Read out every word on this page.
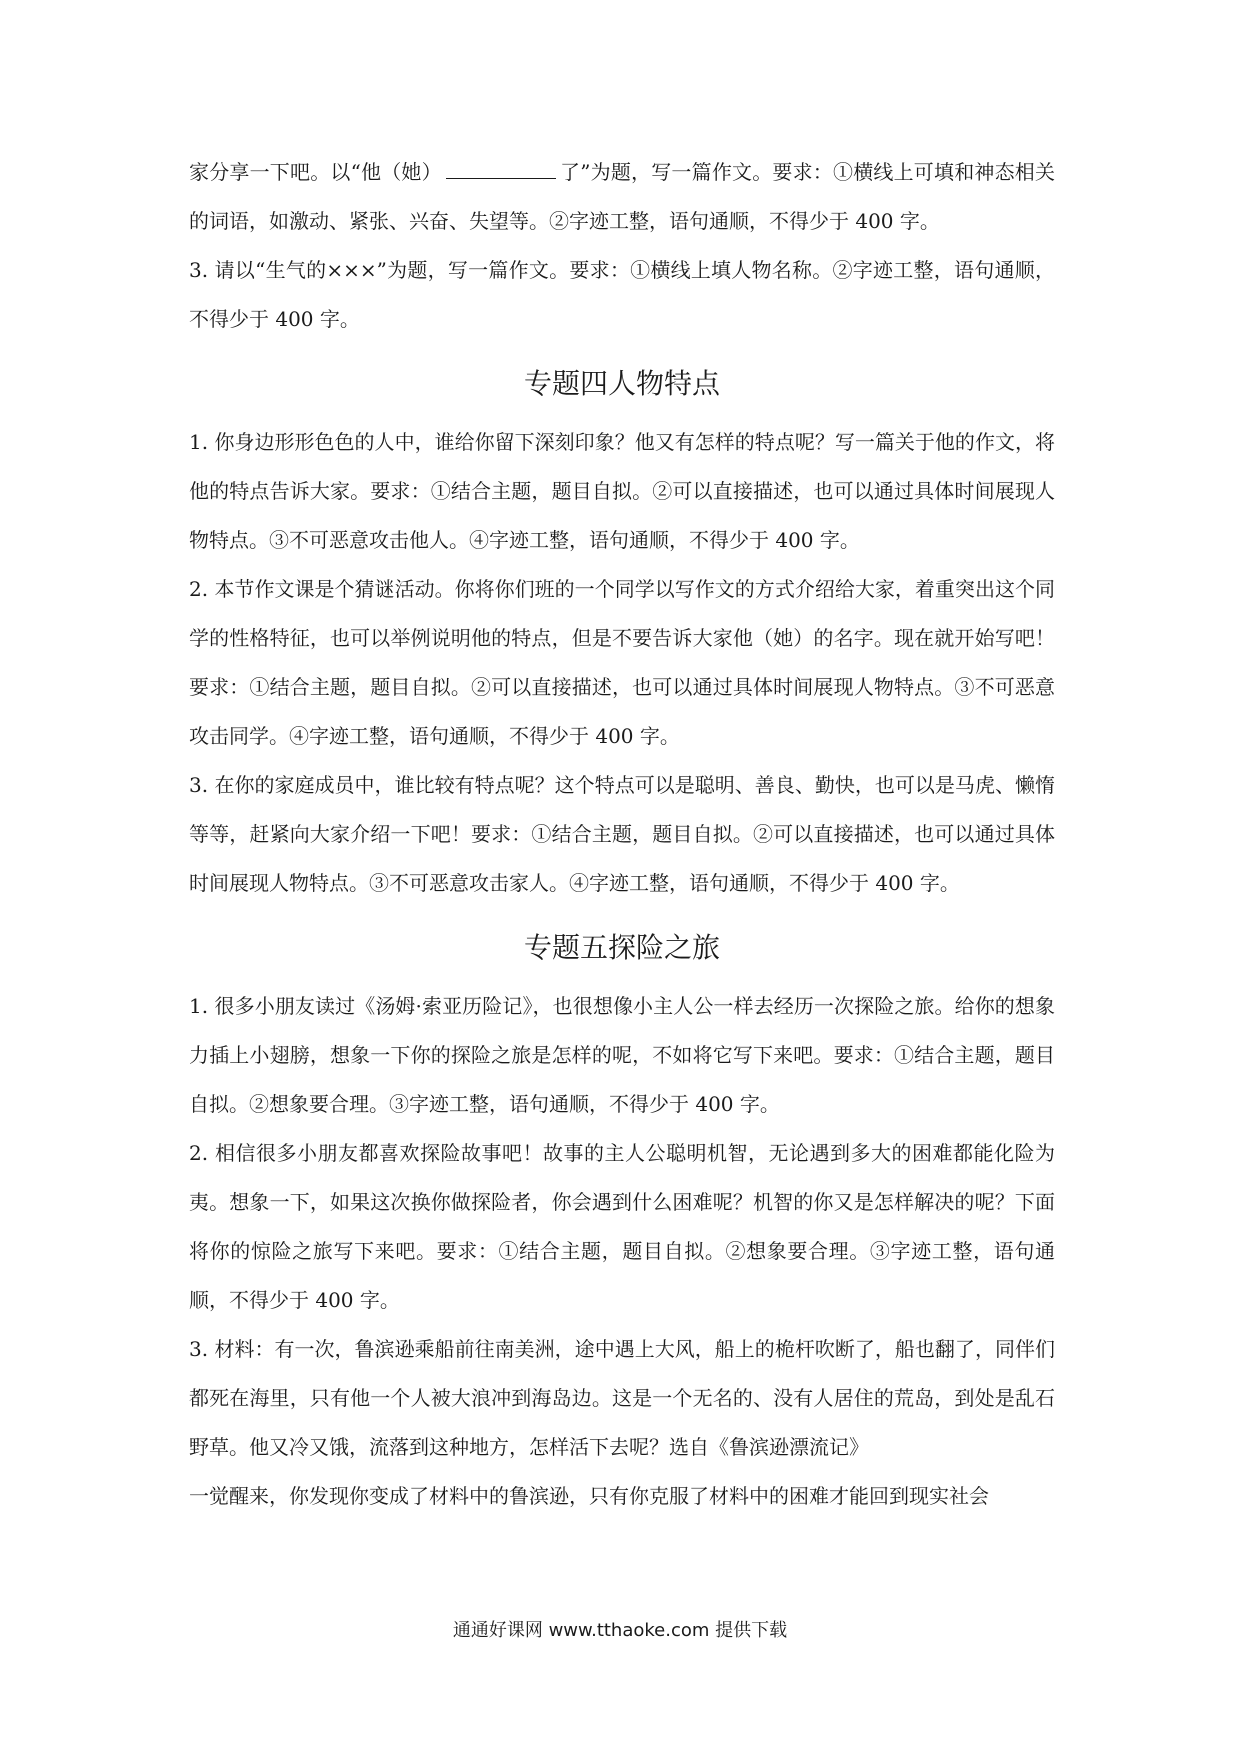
家分享一下吧。以“他（她）	了”为题，写一篇作文。要求：①横线上可填和神态相关的词语，如激动、紧张、兴奋、失望等。②字迹工整，语句通顺，不得少于 400 字。

3. 请以“生气的×××”为题，写一篇作文。要求：①横线上填人物名称。②字迹工整，语句通顺，不得少于 400 字。

专题四人物特点

1. 你身边形形色色的人中，谁给你留下深刻印象？他又有怎样的特点呢？写一篇关于他的作文，将他的特点告诉大家。要求：①结合主题，题目自拟。②可以直接描述，也可以通过具体时间展现人物特点。③不可恶意攻击他人。④字迹工整，语句通顺，不得少于 400 字。

2. 本节作文课是个猜谜活动。你将你们班的一个同学以写作文的方式介绍给大家，着重突出这个同学的性格特征，也可以举例说明他的特点，但是不要告诉大家他（她）的名字。现在就开始写吧！要求：①结合主题，题目自拟。②可以直接描述，也可以通过具体时间展现人物特点。③不可恶意攻击同学。④字迹工整，语句通顺，不得少于 400 字。

3. 在你的家庭成员中，谁比较有特点呢？这个特点可以是聪明、善良、勤快，也可以是马虎、懒惰等等，赶紧向大家介绍一下吧！要求：①结合主题，题目自拟。②可以直接描述，也可以通过具体时间展现人物特点。③不可恶意攻击家人。④字迹工整，语句通顺，不得少于 400 字。

专题五探险之旅

1. 很多小朋友读过《汤姆·索亚历险记》，也很想像小主人公一样去经历一次探险之旅。给你的想象力插上小翅膀，想象一下你的探险之旅是怎样的呢，不如将它写下来吧。要求：①结合主题，题目自拟。②想象要合理。③字迹工整，语句通顺，不得少于 400 字。

2. 相信很多小朋友都喜欢探险故事吧！故事的主人公聪明机智，无论遇到多大的困难都能化险为夷。想象一下，如果这次换你做探险者，你会遇到什么困难呢？机智的你又是怎样解决的呢？下面将你的惊险之旅写下来吧。要求：①结合主题，题目自拟。②想象要合理。③字迹工整，语句通顺，不得少于 400 字。

3. 材料：有一次，鲁滨逊乘船前往南美洲，途中遇上大风，船上的桅杆吹断了，船也翻了，同伴们都死在海里，只有他一个人被大浪冲到海岛边。这是一个无名的、没有人居住的荒岛，到处是乱石野草。他又冷又饿，流落到这种地方，怎样活下去呢？选自《鲁滨逊漂流记》

一觉醒来，你发现你变成了材料中的鲁滨逊，只有你克服了材料中的困难才能回到现实社会

通通好课网 www.tthaoke.com 提供下载
